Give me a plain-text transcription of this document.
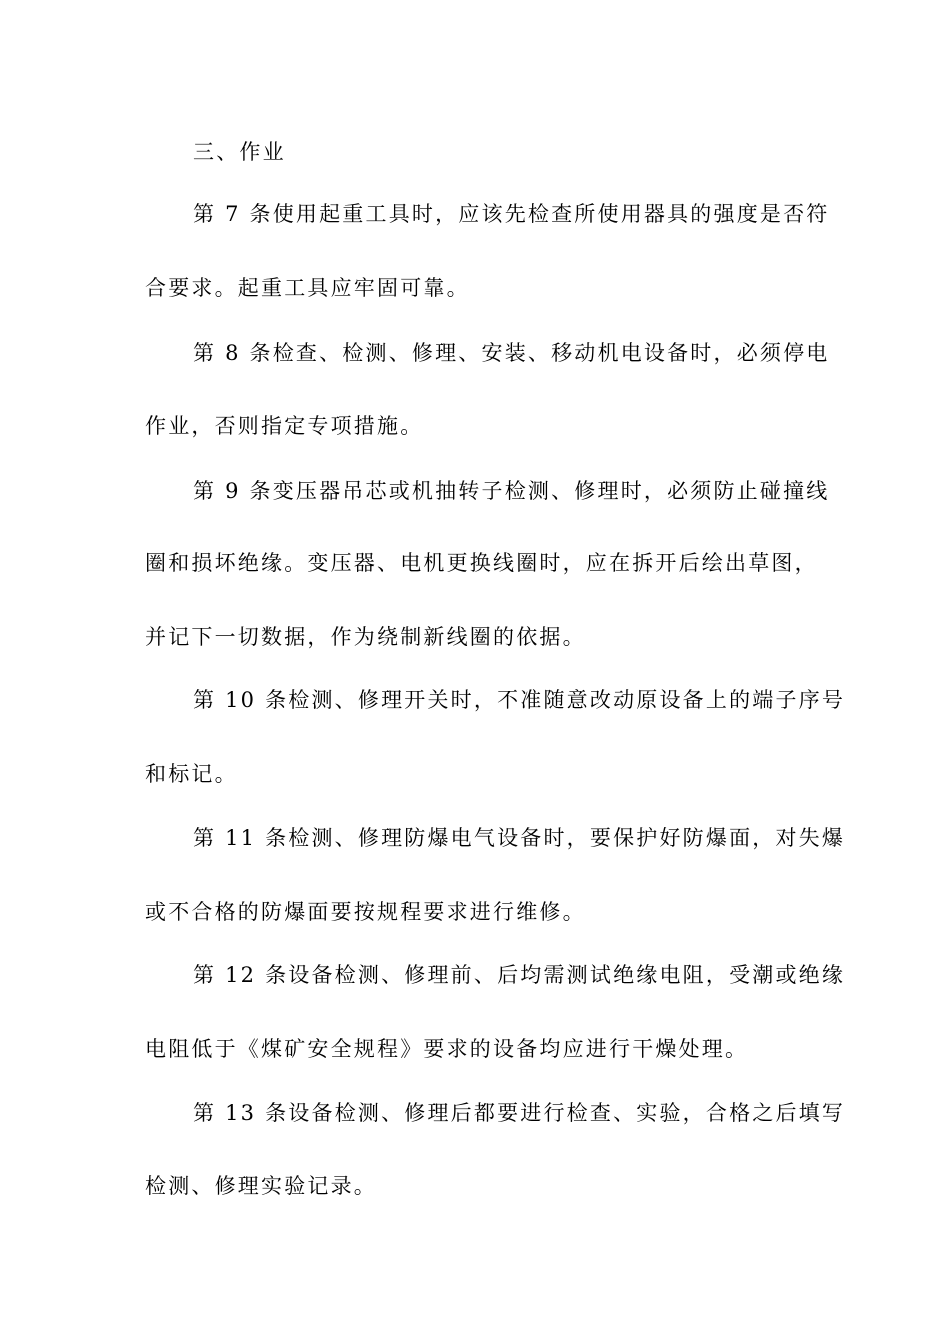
三、作业
第 7 条使用起重工具时，应该先检查所使用器具的强度是否符
合要求。起重工具应牢固可靠。
第 8 条检查、检测、修理、安装、移动机电设备时，必须停电
作业，否则指定专项措施。
第 9 条变压器吊芯或机抽转子检测、修理时，必须防止碰撞线
圈和损坏绝缘。变压器、电机更换线圈时，应在拆开后绘出草图，
并记下一切数据，作为绕制新线圈的依据。
第 10 条检测、修理开关时，不准随意改动原设备上的端子序号
和标记。
第 11 条检测、修理防爆电气设备时，要保护好防爆面，对失爆
或不合格的防爆面要按规程要求进行维修。
第 12 条设备检测、修理前、后均需测试绝缘电阻，受潮或绝缘
电阻低于《煤矿安全规程》要求的设备均应进行干燥处理。
第 13 条设备检测、修理后都要进行检查、实验，合格之后填写
检测、修理实验记录。
